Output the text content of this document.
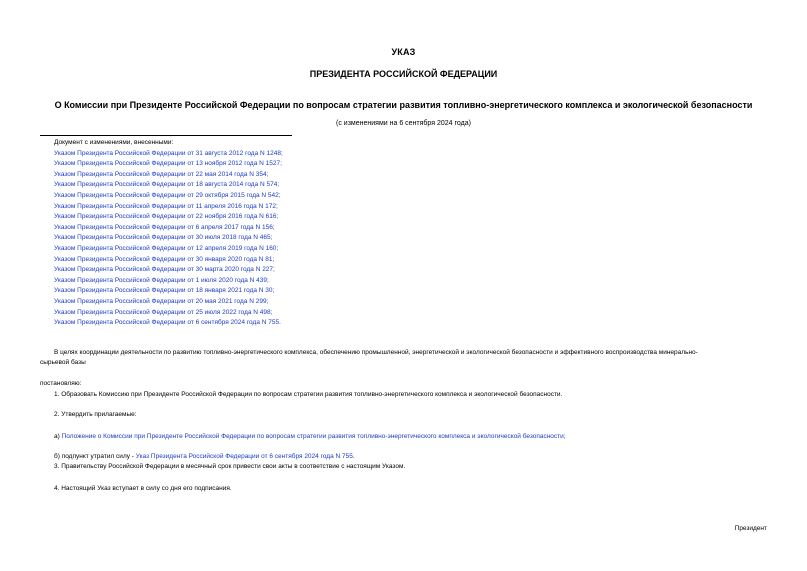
УКАЗ
ПРЕЗИДЕНТА РОССИЙСКОЙ ФЕДЕРАЦИИ
О Комиссии при Президенте Российской Федерации по вопросам стратегии развития топливно-энергетического комплекса и экологической безопасности
(с изменениями на 6 сентября 2024 года)
Документ с изменениями, внесенными:
Указом Президента Российской Федерации от 31 августа 2012 года N 1248;
Указом Президента Российской Федерации от 13 ноября 2012 года N 1527;
Указом Президента Российской Федерации от 22 мая 2014 года N 354;
Указом Президента Российской Федерации от 18 августа 2014 года N 574;
Указом Президента Российской Федерации от 29 октября 2015 года N 542;
Указом Президента Российской Федерации от 11 апреля 2016 года N 172;
Указом Президента Российской Федерации от 22 ноября 2016 года N 616;
Указом Президента Российской Федерации от 6 апреля 2017 года N 156;
Указом Президента Российской Федерации от 30 июля 2018 года N 465;
Указом Президента Российской Федерации от 12 апреля 2019 года N 160;
Указом Президента Российской Федерации от 30 января 2020 года N 81;
Указом Президента Российской Федерации от 30 марта 2020 года N 227;
Указом Президента Российской Федерации от 1 июля 2020 года N 439;
Указом Президента Российской Федерации от 18 января 2021 года N 30;
Указом Президента Российской Федерации от 20 мая 2021 года N 299;
Указом Президента Российской Федерации от 25 июля 2022 года N 498;
Указом Президента Российской Федерации от 6 сентября 2024 года N 755.
В целях координации деятельности по развитию топливно-энергетического комплекса, обеспечению промышленной, энергетической и экологической безопасности и эффективного воспроизводства минерально-
сырьевой базы
постановляю:
1. Образовать Комиссию при Президенте Российской Федерации по вопросам стратегии развития топливно-энергетического комплекса и экологической безопасности.
2. Утвердить прилагаемые:
а) Положение о Комиссии при Президенте Российской Федерации по вопросам стратегии развития топливно-энергетического комплекса и экологической безопасности;
б) подпункт утратил силу - Указ Президента Российской Федерации от 6 сентября 2024 года N 755.
3. Правительству Российской Федерации в месячный срок привести свои акты в соответствие с настоящим Указом.
4. Настоящий Указ вступает в силу со дня его подписания.
Президент
